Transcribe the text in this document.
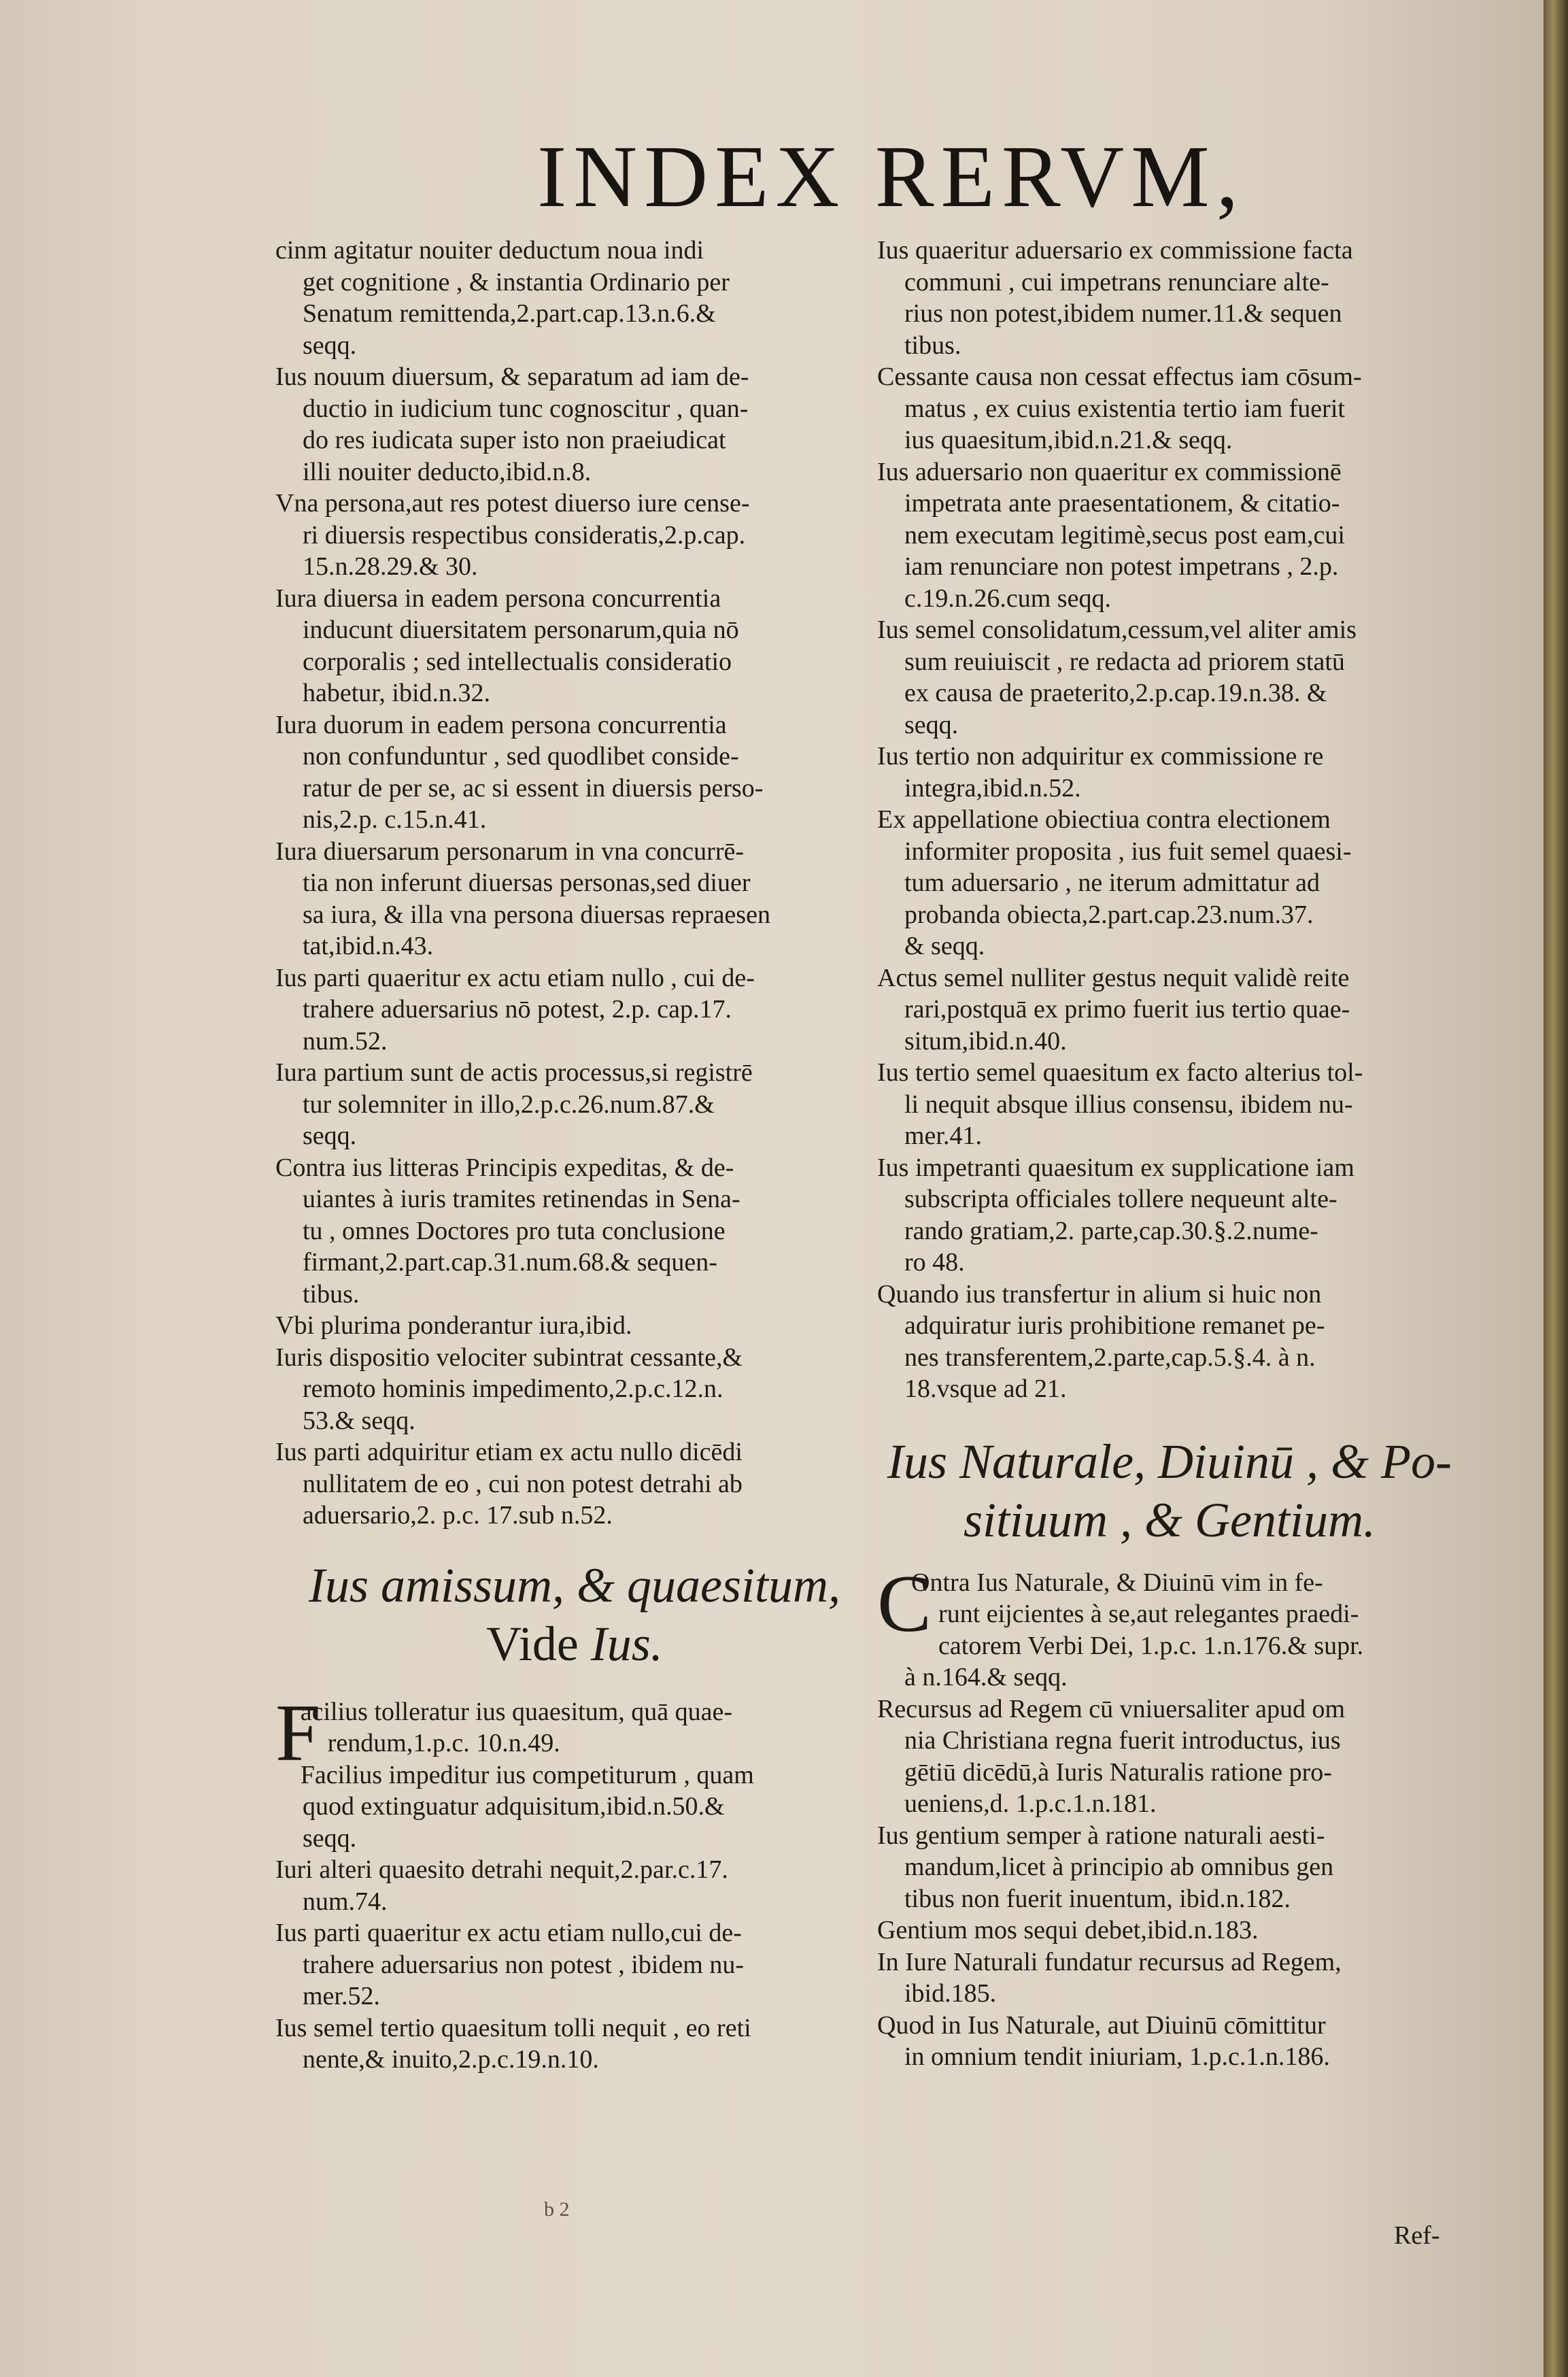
INDEX RERVM,

cinm agitatur nouiter deductum noua indi
get cognitione , & instantia Ordinario per
Senatum remittenda,2.part.cap.13.n.6.&
seqq.

Ius nouum diuersum, & separatum ad iam de-
ductio in iudicium tunc cognoscitur , quan-
do res iudicata super isto non praeiudicat
illi nouiter deducto,ibid.n.8.

Vna persona,aut res potest diuerso iure cense-
ri diuersis respectibus consideratis,2.p.cap.
15.n.28.29.& 30.

Iura diuersa in eadem persona concurrentia
inducunt diuersitatem personarum,quia nō
corporalis ; sed intellectualis consideratio
habetur, ibid.n.32.

Iura duorum in eadem persona concurrentia
non confunduntur , sed quodlibet conside-
ratur de per se, ac si essent in diuersis perso-
nis,2.p. c.15.n.41.

Iura diuersarum personarum in vna concurrē-
tia non inferunt diuersas personas,sed diuer
sa iura, & illa vna persona diuersas repraesen
tat,ibid.n.43.

Ius parti quaeritur ex actu etiam nullo , cui de-
trahere aduersarius nō potest, 2.p. cap.17.
num.52.

Iura partium sunt de actis processus,si registrē
tur solemniter in illo,2.p.c.26.num.87.&
seqq.

Contra ius litteras Principis expeditas, & de-
uiantes à iuris tramites retinendas in Sena-
tu , omnes Doctores pro tuta conclusione
firmant,2.part.cap.31.num.68.& sequen-
tibus.

Vbi plurima ponderantur iura,ibid.

Iuris dispositio velociter subintrat cessante,&
remoto hominis impedimento,2.p.c.12.n.
53.& seqq.

Ius parti adquiritur etiam ex actu nullo dicēdi
nullitatem de eo , cui non potest detrahi ab
aduersario,2. p.c. 17.sub n.52.

Ius amissum, & quaesitum,
Vide Ius.

F
acilius tolleratur ius quaesitum, quā quae-
rendum,1.p.c. 10.n.49.

Facilius impeditur ius competiturum , quam
quod extinguatur adquisitum,ibid.n.50.&
seqq.

Iuri alteri quaesito detrahi nequit,2.par.c.17.
num.74.

Ius parti quaeritur ex actu etiam nullo,cui de-
trahere aduersarius non potest , ibidem nu-
mer.52.

Ius semel tertio quaesitum tolli nequit , eo reti
nente,& inuito,2.p.c.19.n.10.

Ius quaeritur aduersario ex commissione facta
communi , cui impetrans renunciare alte-
rius non potest,ibidem numer.11.& sequen
tibus.

Cessante causa non cessat effectus iam cōsum-
matus , ex cuius existentia tertio iam fuerit
ius quaesitum,ibid.n.21.& seqq.

Ius aduersario non quaeritur ex commissionē
impetrata ante praesentationem, & citatio-
nem executam legitimè,secus post eam,cui
iam renunciare non potest impetrans , 2.p.
c.19.n.26.cum seqq.

Ius semel consolidatum,cessum,vel aliter amis
sum reuiuiscit , re redacta ad priorem statū
ex causa de praeterito,2.p.cap.19.n.38. &
seqq.

Ius tertio non adquiritur ex commissione re
integra,ibid.n.52.

Ex appellatione obiectiua contra electionem
informiter proposita , ius fuit semel quaesi-
tum aduersario , ne iterum admittatur ad
probanda obiecta,2.part.cap.23.num.37.
& seqq.

Actus semel nulliter gestus nequit validè reite
rari,postquā ex primo fuerit ius tertio quae-
situm,ibid.n.40.

Ius tertio semel quaesitum ex facto alterius tol-
li nequit absque illius consensu, ibidem nu-
mer.41.

Ius impetranti quaesitum ex supplicatione iam
subscripta officiales tollere nequeunt alte-
rando gratiam,2. parte,cap.30.§.2.nume-
ro 48.

Quando ius transfertur in alium si huic non
adquiratur iuris prohibitione remanet pe-
nes transferentem,2.parte,cap.5.§.4. à n.
18.vsque ad 21.

Ius Naturale, Diuinū , & Po-
sitiuum , & Gentium.

C
Ontra Ius Naturale, & Diuinū vim in fe-
runt eijcientes à se,aut relegantes praedi-
catorem Verbi Dei, 1.p.c. 1.n.176.& supr.
à n.164.& seqq.

Recursus ad Regem cū vniuersaliter apud om
nia Christiana regna fuerit introductus, ius
gētiū dicēdū,à Iuris Naturalis ratione pro-
ueniens,d. 1.p.c.1.n.181.

Ius gentium semper à ratione naturali aesti-
mandum,licet à principio ab omnibus gen
tibus non fuerit inuentum, ibid.n.182.

Gentium mos sequi debet,ibid.n.183.

In Iure Naturali fundatur recursus ad Regem,
ibid.185.

Quod in Ius Naturale, aut Diuinū cōmittitur
in omnium tendit iniuriam, 1.p.c.1.n.186.

b 2
Ref-
